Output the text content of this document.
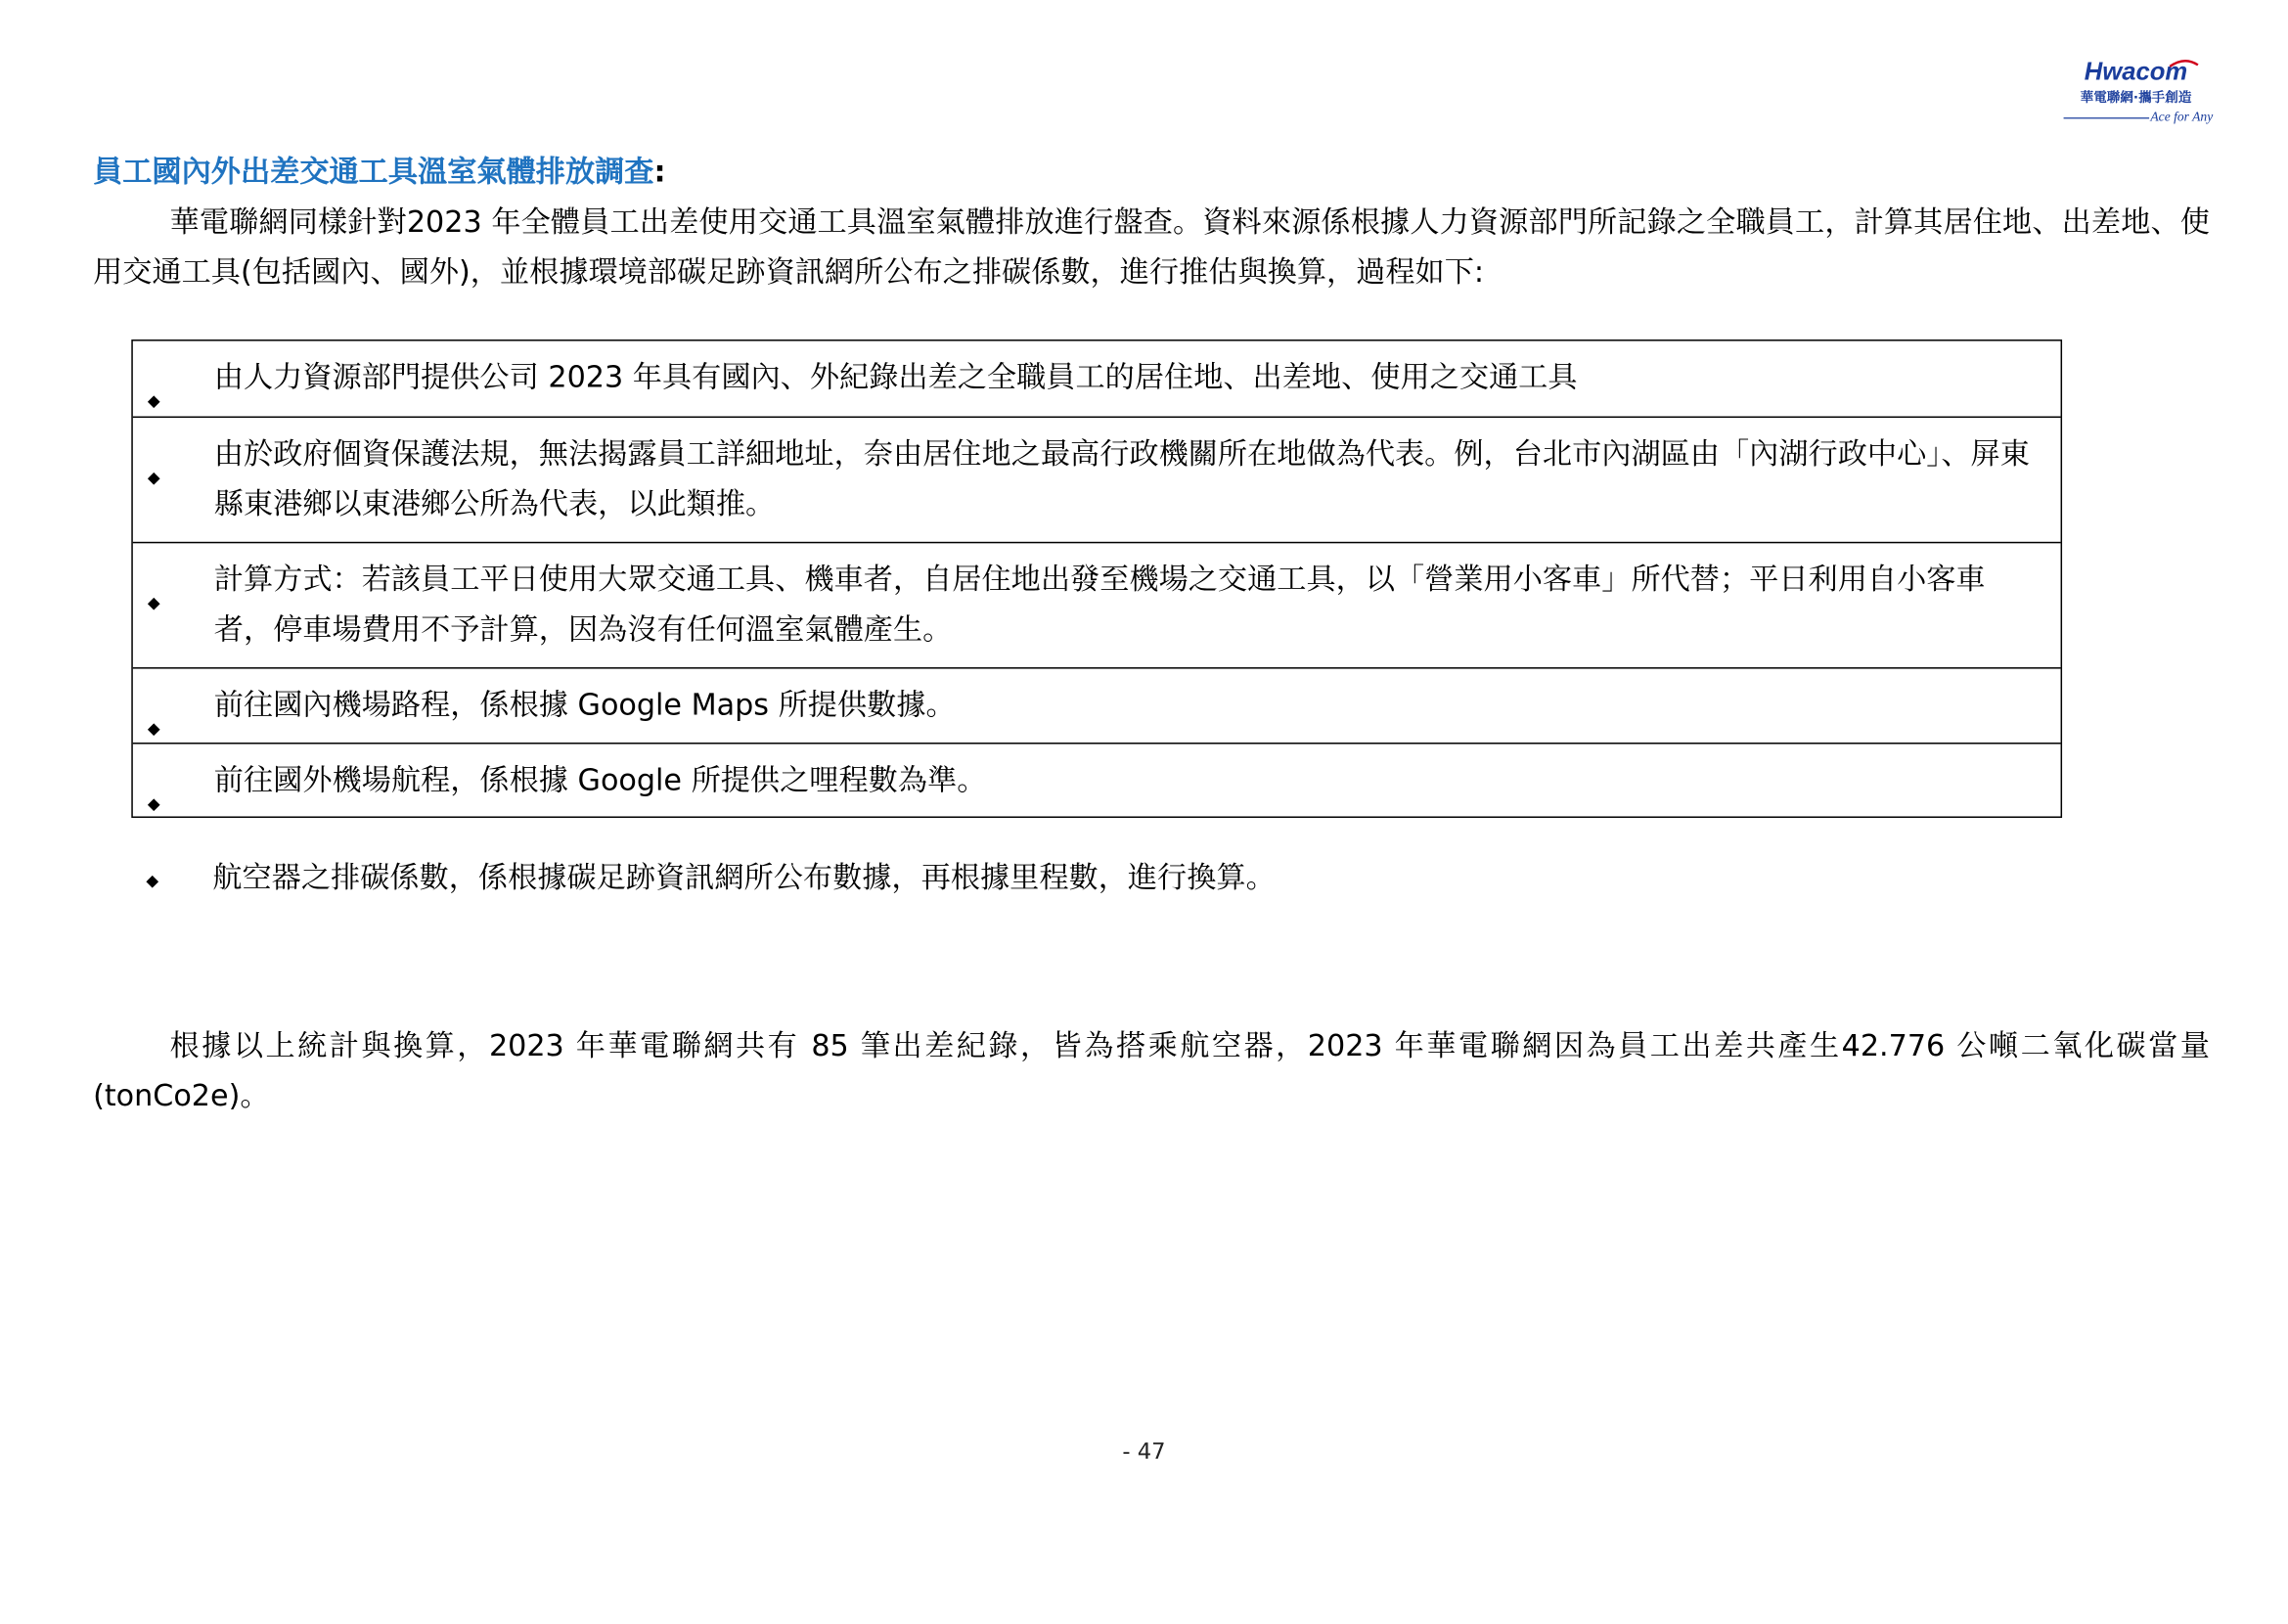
Hwacom
華電聯網·攜手創造
Ace for Any
員工國內外出差交通工具溫室氣體排放調查:

華電聯網同樣針對2023 年全體員工出差使用交通工具溫室氣體排放進行盤查。資料來源係根據人力資源部門所記錄之全職員工，計算其居住地、出差地、使用交通工具(包括國內、國外)，並根據環境部碳足跡資訊網所公布之排碳係數，進行推估與換算，過程如下:

◆
由人力資源部門提供公司 2023 年具有國內、外紀錄出差之全職員工的居住地、出差地、使用之交通工具
◆
由於政府個資保護法規，無法揭露員工詳細地址，奈由居住地之最高行政機關所在地做為代表。例，台北市內湖區由「內湖行政中心」、屏東縣東港鄉以東港鄉公所為代表，以此類推。
◆
計算方式：若該員工平日使用大眾交通工具、機車者，自居住地出發至機場之交通工具，以「營業用小客車」所代替；平日利用自小客車者，停車場費用不予計算，因為沒有任何溫室氣體產生。
◆
前往國內機場路程，係根據 Google Maps 所提供數據。
◆
前往國外機場航程，係根據 Google 所提供之哩程數為準。
◆	航空器之排碳係數，係根據碳足跡資訊網所公布數據，再根據里程數，進行換算。

根據以上統計與換算，2023 年華電聯網共有 85 筆出差紀錄，皆為搭乘航空器，2023 年華電聯網因為員工出差共產生42.776 公噸二氧化碳當量(tonCo2e)。

- 47
